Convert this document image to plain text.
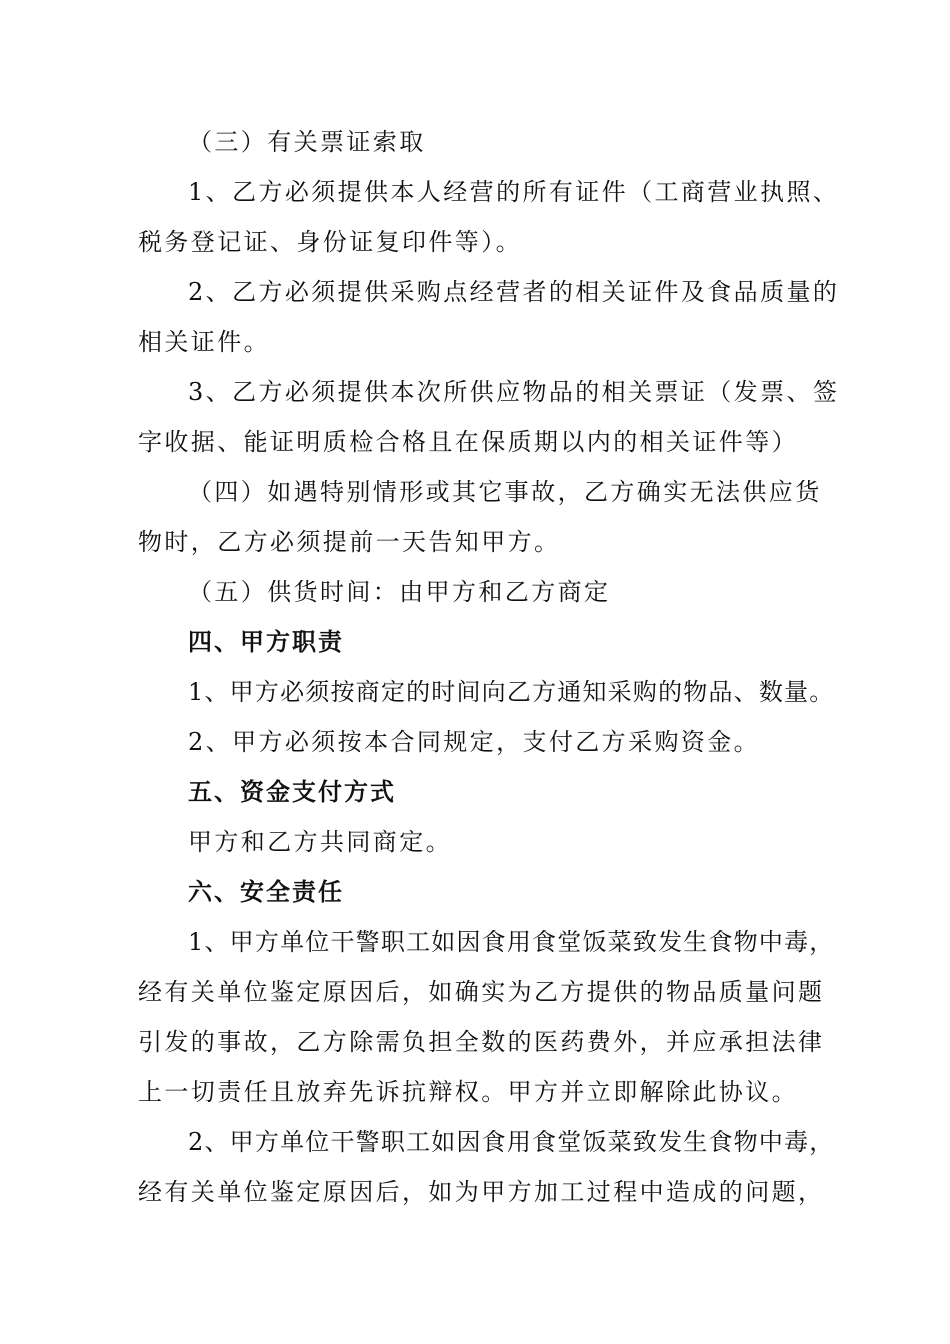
（三）有关票证索取
1、乙方必须提供本人经营的所有证件（工商营业执照、
税务登记证、身份证复印件等）。
2、乙方必须提供采购点经营者的相关证件及食品质量的
相关证件。
3、乙方必须提供本次所供应物品的相关票证（发票、签
字收据、能证明质检合格且在保质期以内的相关证件等）
（四）如遇特别情形或其它事故，乙方确实无法供应货
物时，乙方必须提前一天告知甲方。
（五）供货时间：由甲方和乙方商定
四、甲方职责
1、甲方必须按商定的时间向乙方通知采购的物品、数量。
2、甲方必须按本合同规定，支付乙方采购资金。
五、资金支付方式
甲方和乙方共同商定。
六、安全责任
1、甲方单位干警职工如因食用食堂饭菜致发生食物中毒，
经有关单位鉴定原因后，如确实为乙方提供的物品质量问题
引发的事故，乙方除需负担全数的医药费外，并应承担法律
上一切责任且放弃先诉抗辩权。甲方并立即解除此协议。
2、甲方单位干警职工如因食用食堂饭菜致发生食物中毒，
经有关单位鉴定原因后，如为甲方加工过程中造成的问题，
